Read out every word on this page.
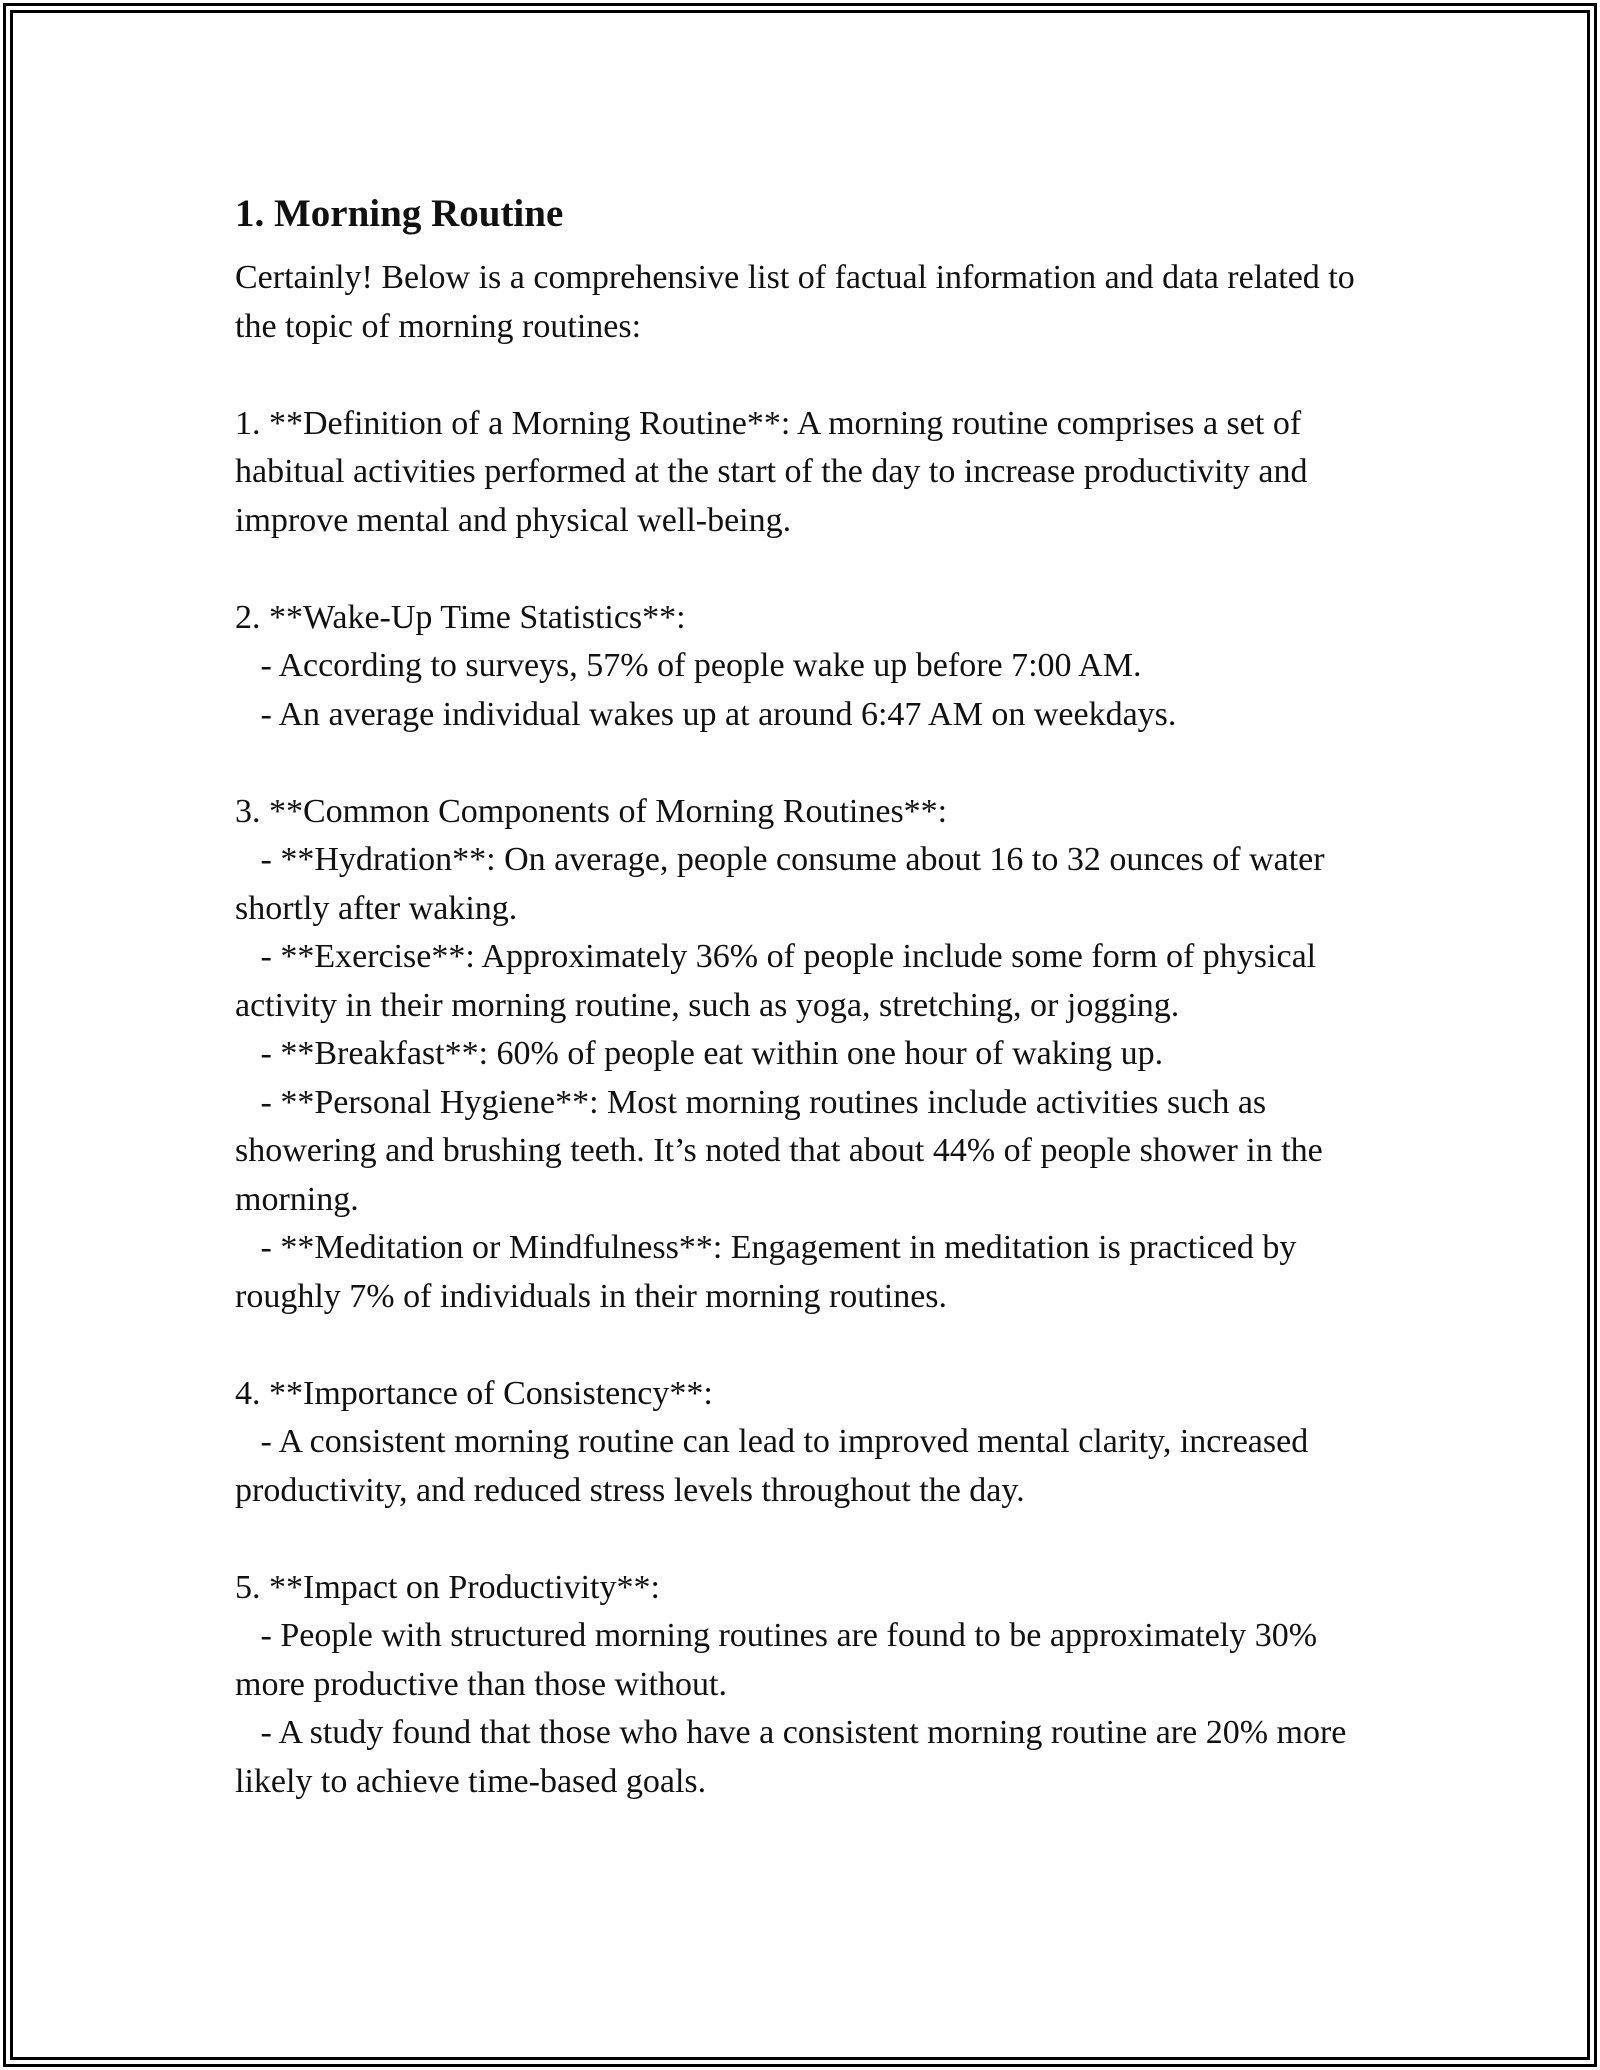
1. Morning Routine

Certainly! Below is a comprehensive list of factual information and data related to the topic of morning routines:

1. **Definition of a Morning Routine**: A morning routine comprises a set of habitual activities performed at the start of the day to increase productivity and improve mental and physical well-being.

2. **Wake-Up Time Statistics**:
- According to surveys, 57% of people wake up before 7:00 AM.
- An average individual wakes up at around 6:47 AM on weekdays.

3. **Common Components of Morning Routines**:
- **Hydration**: On average, people consume about 16 to 32 ounces of water shortly after waking.
- **Exercise**: Approximately 36% of people include some form of physical activity in their morning routine, such as yoga, stretching, or jogging.
- **Breakfast**: 60% of people eat within one hour of waking up.
- **Personal Hygiene**: Most morning routines include activities such as showering and brushing teeth. It’s noted that about 44% of people shower in the morning.
- **Meditation or Mindfulness**: Engagement in meditation is practiced by roughly 7% of individuals in their morning routines.

4. **Importance of Consistency**:
- A consistent morning routine can lead to improved mental clarity, increased productivity, and reduced stress levels throughout the day.

5. **Impact on Productivity**:
- People with structured morning routines are found to be approximately 30% more productive than those without.
- A study found that those who have a consistent morning routine are 20% more likely to achieve time-based goals.
